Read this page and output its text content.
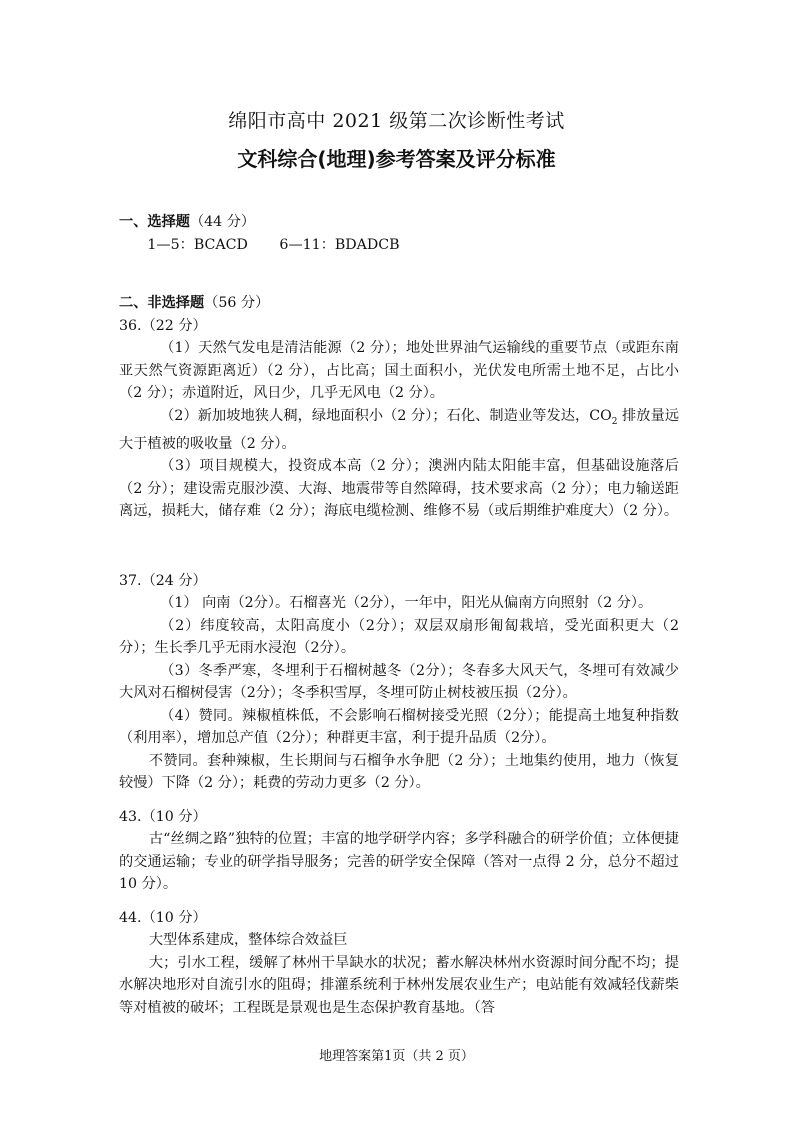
绵阳市高中 2021 级第二次诊断性考试
文科综合(地理)参考答案及评分标准

一、选择题（44 分）

1—5：BCACD 6—11：BDADCB

二、非选择题（56 分）

36.（22 分）

（1）天然气发电是清洁能源（2 分）；地处世界油气运输线的重要节点（或距东南亚天然气资源距离近）（2 分），占比高；国土面积小，光伏发电所需土地不足，占比小（2 分）；赤道附近，风日少，几乎无风电（2 分）。

（2）新加坡地狭人稠，绿地面积小（2 分）；石化、制造业等发达，$CO_2$ 排放量远大于植被的吸收量（2 分）。

（3）项目规模大，投资成本高（2 分）；澳洲内陆太阳能丰富，但基础设施落后（2 分）；建设需克服沙漠、大海、地震带等自然障碍，技术要求高（2 分）；电力输送距离远，损耗大，储存难（2 分）；海底电缆检测、维修不易（或后期维护难度大）（2 分）。

37.（24 分）

（1） 向南（2分）。石榴喜光（2分），一年中，阳光从偏南方向照射（2 分）。

（2）纬度较高，太阳高度小（2分）；双层双扇形匍匐栽培，受光面积更大（2分）；生长季几乎无雨水浸泡（2分）。

（3）冬季严寒，冬埋利于石榴树越冬（2分）；冬春多大风天气，冬埋可有效减少大风对石榴树侵害（2分）；冬季积雪厚，冬埋可防止树枝被压损（2分）。

（4）赞同。辣椒植株低，不会影响石榴树接受光照（2分）；能提高土地复种指数（利用率），增加总产值（2分）；种群更丰富，利于提升品质（2分）。

不赞同。套种辣椒，生长期间与石榴争水争肥（2 分）；土地集约使用，地力（恢复较慢）下降（2 分）；耗费的劳动力更多（2 分）。

43.（10 分）

古“丝绸之路”独特的位置；丰富的地学研学内容；多学科融合的研学价值；立体便捷的交通运输；专业的研学指导服务；完善的研学安全保障（答对一点得 2 分，总分不超过 10 分）。

44.（10 分）

大型体系建成，整体综合效益巨

大；引水工程，缓解了林州干旱缺水的状况；蓄水解决林州水资源时间分配不均；提水解决地形对自流引水的阻碍；排灌系统利于林州发展农业生产；电站能有效减轻伐薪柴等对植被的破坏；工程既是景观也是生态保护教育基地。（答

地理答案第1页（共 2 页）
